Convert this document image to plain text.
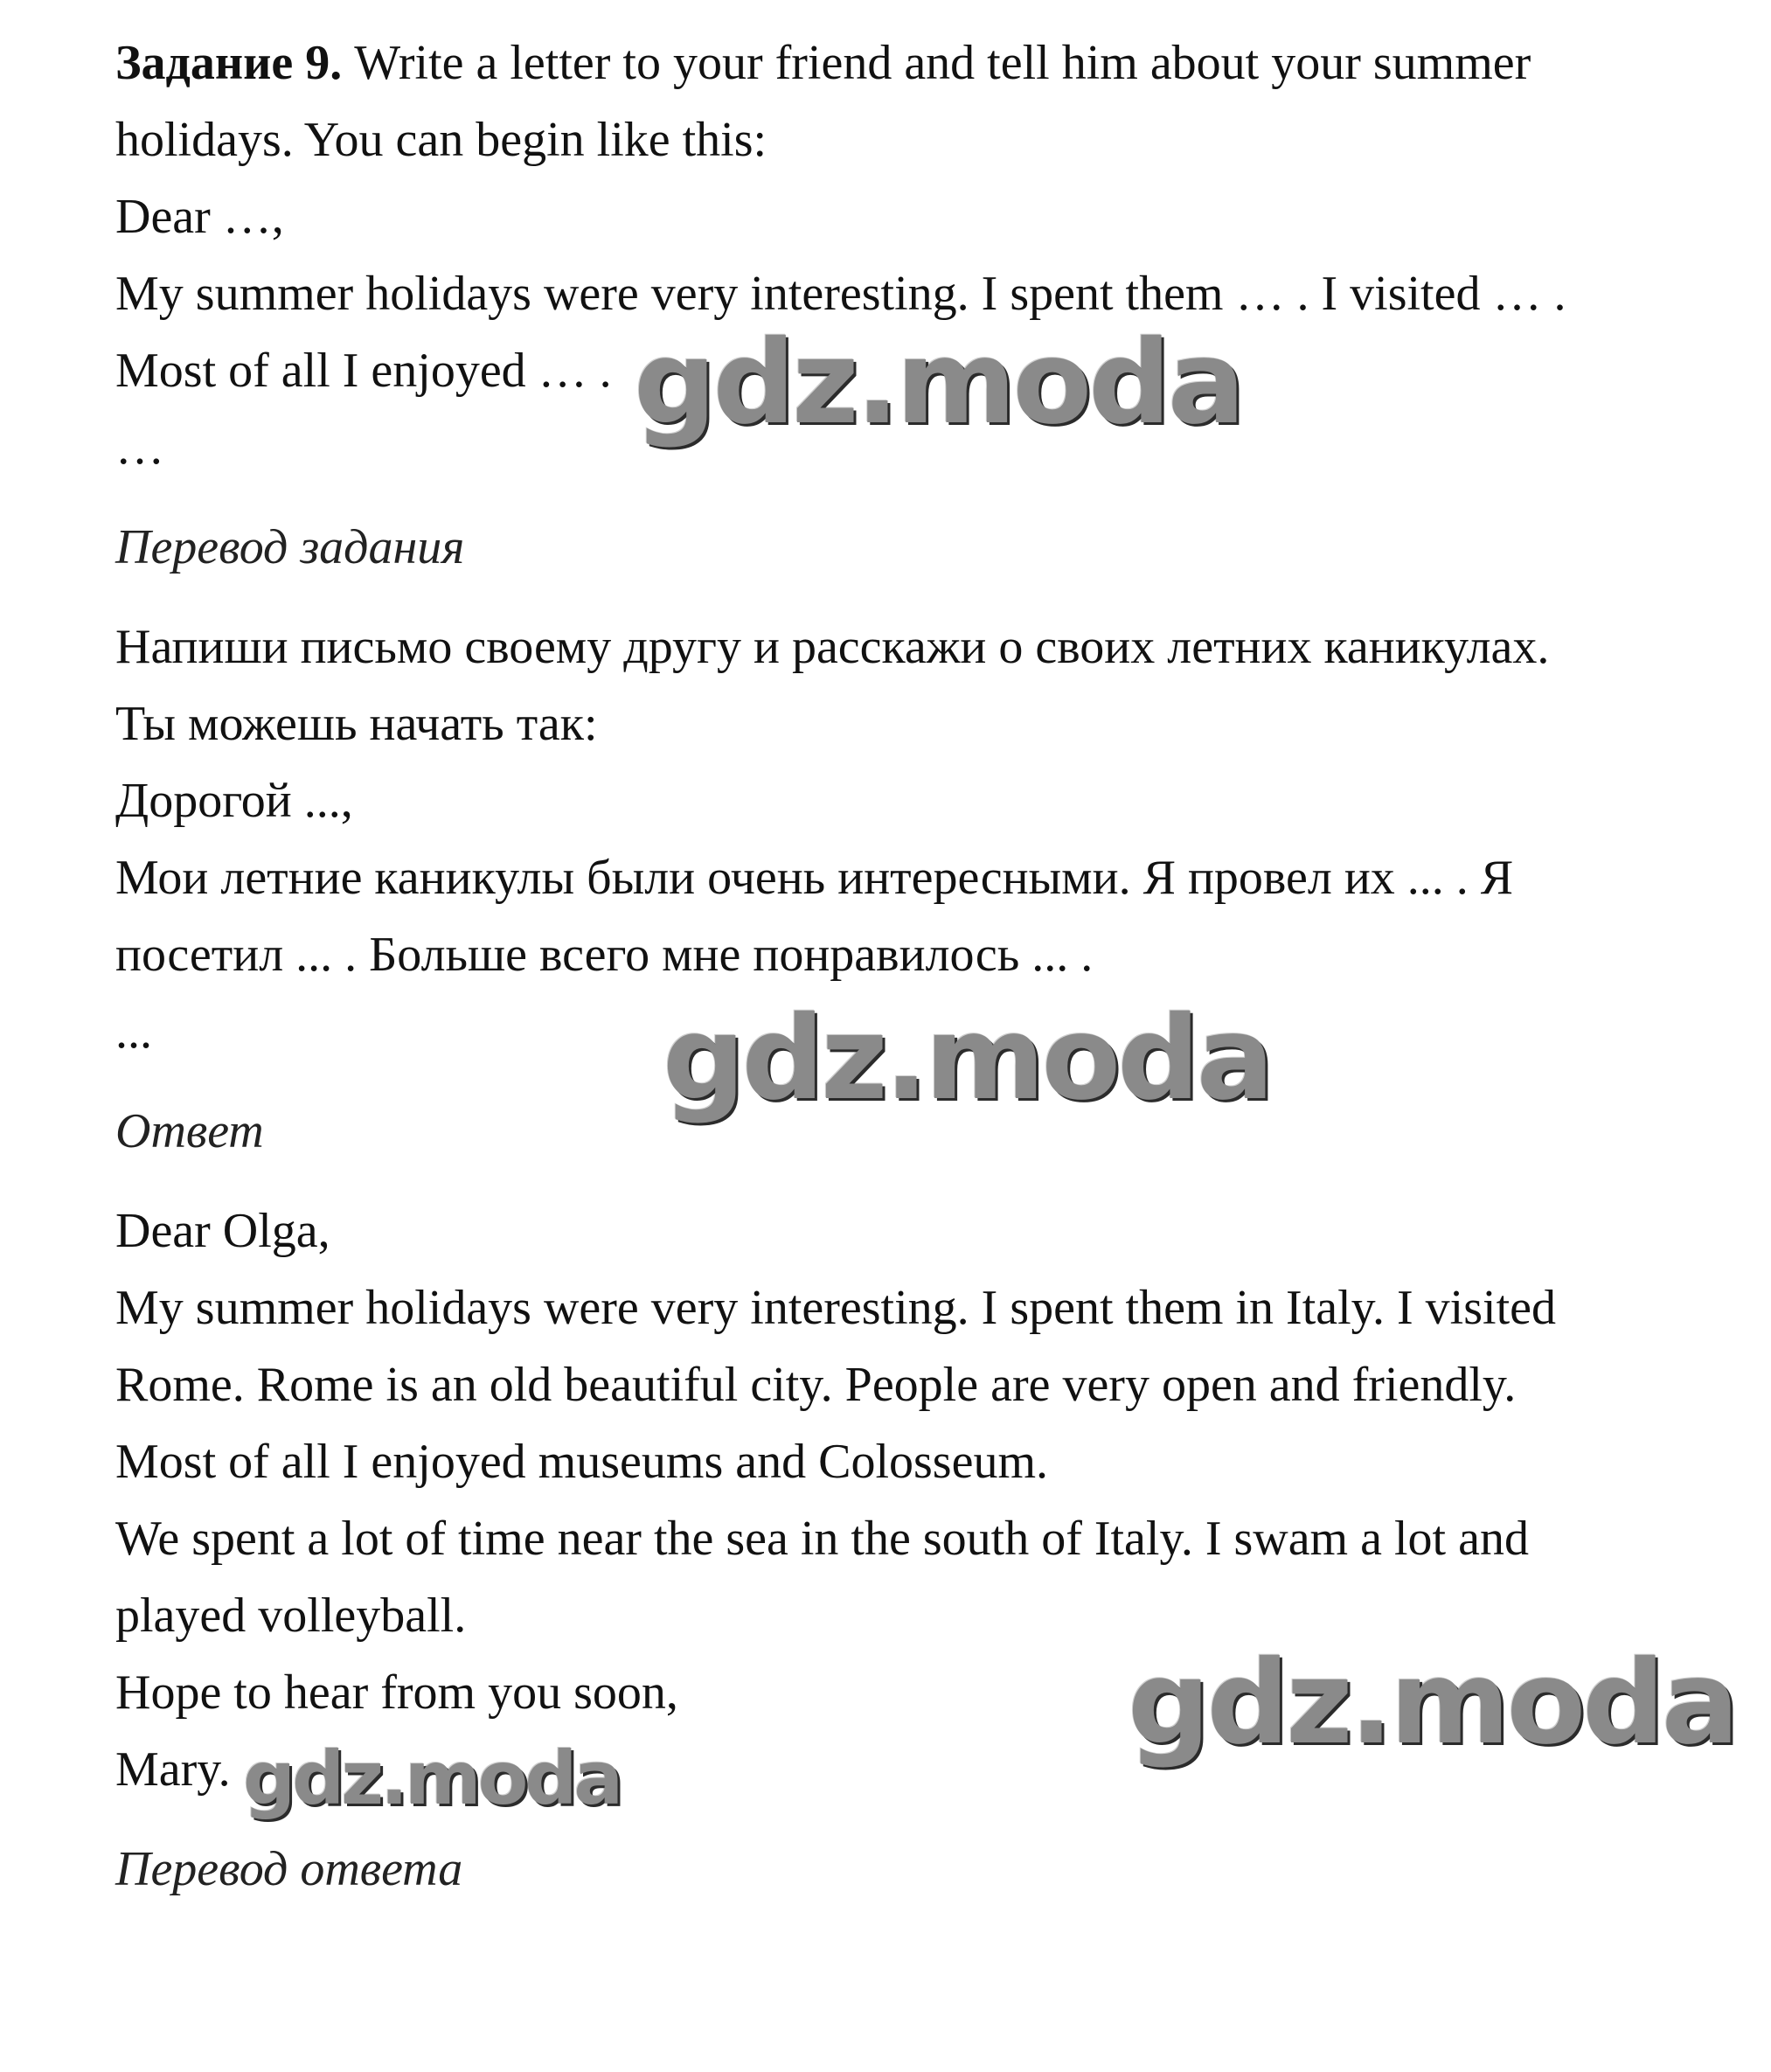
Задание 9. Write a letter to your friend and tell him about your summer
holidays. You can begin like this:
Dear …,
My summer holidays were very interesting. I spent them … . I visited … .
Most of all I enjoyed … .
…
Перевод задания
Напиши письмо своему другу и расскажи о своих летних каникулах.
Ты можешь начать так:
Дорогой ...,
Мои летние каникулы были очень интересными. Я провел их ... . Я
посетил ... . Больше всего мне понравилось ... .
...
Ответ
Dear Olga,
My summer holidays were very interesting. I spent them in Italy. I visited
Rome. Rome is an old beautiful city. People are very open and friendly.
Most of all I enjoyed museums and Colosseum.
We spent a lot of time near the sea in the south of Italy. I swam a lot and
played volleyball.
Hope to hear from you soon,
Mary.
Перевод ответа
gdz.moda
gdz.moda
gdz.moda
gdz.moda
